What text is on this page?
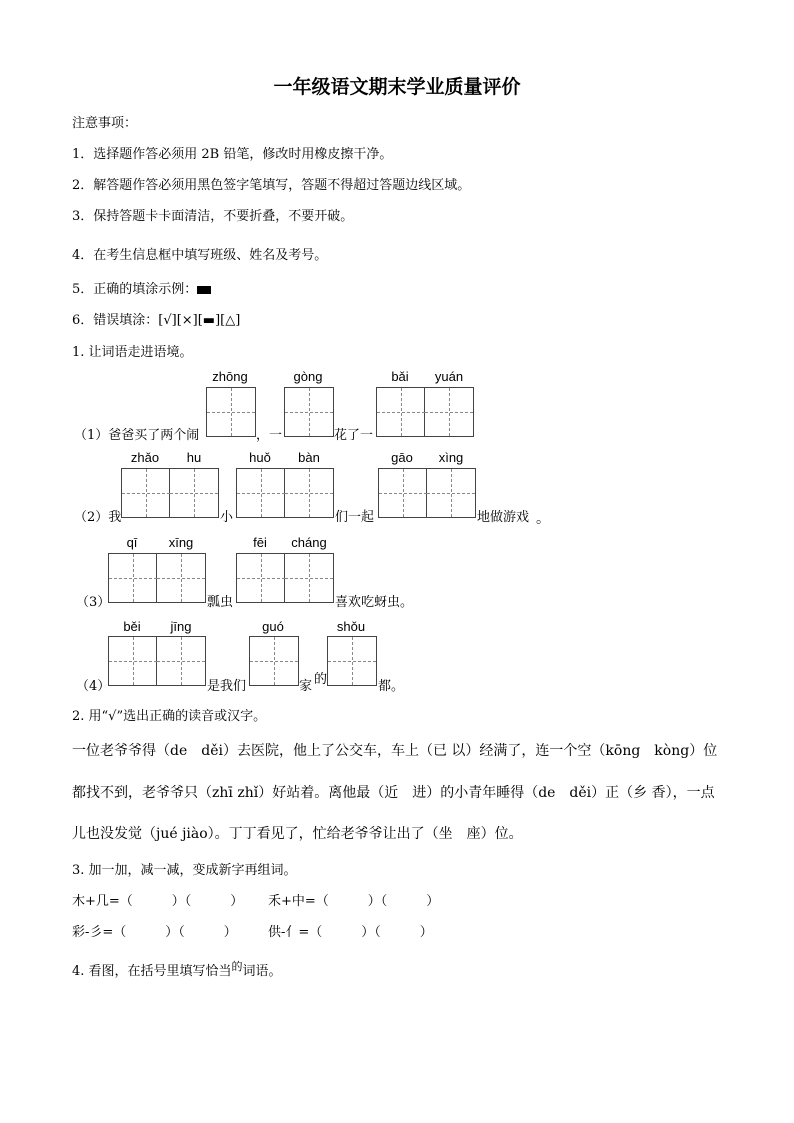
一年级语文期末学业质量评价
注意事项：
1．选择题作答必须用 2B 铅笔，修改时用橡皮擦干净。
2．解答题作答必须用黑色签字笔填写，答题不得超过答题边线区域。
3．保持答题卡卡面清洁，不要折叠，不要开破。
4．在考生信息框中填写班级、姓名及考号。
5．正确的填涂示例：
6．错误填涂：[√][×][▬][△]
1. 让词语走进语境。
zhōng	gòng	bǎi	yuán
（1）爸爸买了两个闹	，一	花了一
zhǎo	hu	huǒ	bàn	gāo	xìng
（2）我	小	们一起	地做游戏 。
qī	xīng	fēi	cháng
（3）	瓢虫	喜欢吃蚜虫。
běi	jīng	guó	shǒu
（4）	是我们	家 的	都。
2. 用“√”选出正确的读音或汉字。
一位老爷爷得（de　děi）去医院，他上了公交车，车上（已 以）经满了，连一个空（kōng　kòng）位
都找不到，老爷爷只（zhī zhǐ）好站着。离他最（近　进）的小青年睡得（de　děi）正（乡 香），一点
儿也没发觉（jué jiào）。丁丁看见了，忙给老爷爷让出了（坐　座）位。
3. 加一加，减一减，变成新字再组词。
木+几=（　　　）（　　　） 禾+中=（　　　）（　　　）
彩-彡=（　　　）（　　　） 供-亻=（　　　）（　　　）
4. 看图，在括号里填写恰当$^的$词语。
